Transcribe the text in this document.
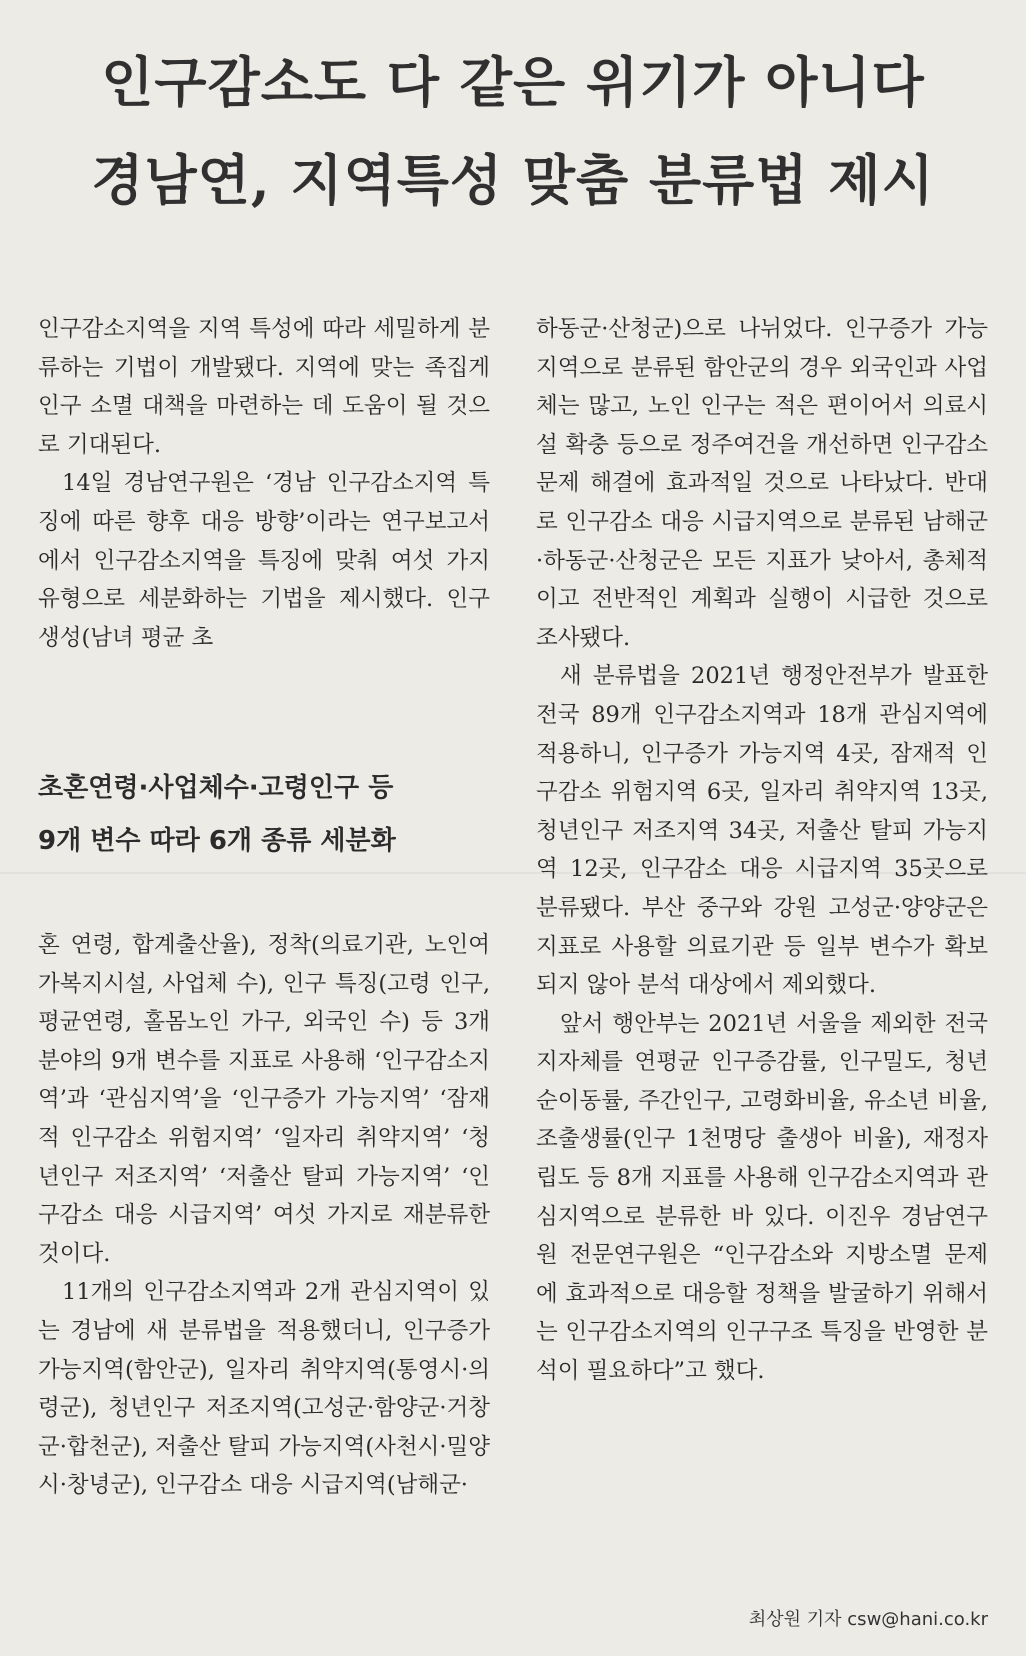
인구감소도 다 같은 위기가 아니다
경남연, 지역특성 맞춤 분류법 제시

인구감소지역을 지역 특성에 따라 세밀하게 분류하는 기법이 개발됐다. 지역에 맞는 족집게 인구 소멸 대책을 마련하는 데 도움이 될 것으로 기대된다.

14일 경남연구원은 ‘경남 인구감소지역 특징에 따른 향후 대응 방향’이라는 연구보고서에서 인구감소지역을 특징에 맞춰 여섯 가지 유형으로 세분화하는 기법을 제시했다. 인구 생성(남녀 평균 초

초혼연령·사업체수·고령인구 등
9개 변수 따라 6개 종류 세분화

혼 연령, 합계출산율), 정착(의료기관, 노인여가복지시설, 사업체 수), 인구 특징(고령 인구, 평균연령, 홀몸노인 가구, 외국인 수) 등 3개 분야의 9개 변수를 지표로 사용해 ‘인구감소지역’과 ‘관심지역’을 ‘인구증가 가능지역’ ‘잠재적 인구감소 위험지역’ ‘일자리 취약지역’ ‘청년인구 저조지역’ ‘저출산 탈피 가능지역’ ‘인구감소 대응 시급지역’ 여섯 가지로 재분류한 것이다.

11개의 인구감소지역과 2개 관심지역이 있는 경남에 새 분류법을 적용했더니, 인구증가 가능지역(함안군), 일자리 취약지역(통영시·의령군), 청년인구 저조지역(고성군·함양군·거창군·합천군), 저출산 탈피 가능지역(사천시·밀양시·창녕군), 인구감소 대응 시급지역(남해군·

하동군·산청군)으로 나뉘었다. 인구증가 가능지역으로 분류된 함안군의 경우 외국인과 사업체는 많고, 노인 인구는 적은 편이어서 의료시설 확충 등으로 정주여건을 개선하면 인구감소 문제 해결에 효과적일 것으로 나타났다. 반대로 인구감소 대응 시급지역으로 분류된 남해군·하동군·산청군은 모든 지표가 낮아서, 총체적이고 전반적인 계획과 실행이 시급한 것으로 조사됐다.

새 분류법을 2021년 행정안전부가 발표한 전국 89개 인구감소지역과 18개 관심지역에 적용하니, 인구증가 가능지역 4곳, 잠재적 인구감소 위험지역 6곳, 일자리 취약지역 13곳, 청년인구 저조지역 34곳, 저출산 탈피 가능지역 12곳, 인구감소 대응 시급지역 35곳으로 분류됐다. 부산 중구와 강원 고성군·양양군은 지표로 사용할 의료기관 등 일부 변수가 확보되지 않아 분석 대상에서 제외했다.

앞서 행안부는 2021년 서울을 제외한 전국 지자체를 연평균 인구증감률, 인구밀도, 청년 순이동률, 주간인구, 고령화비율, 유소년 비율, 조출생률(인구 1천명당 출생아 비율), 재정자립도 등 8개 지표를 사용해 인구감소지역과 관심지역으로 분류한 바 있다. 이진우 경남연구원 전문연구원은 “인구감소와 지방소멸 문제에 효과적으로 대응할 정책을 발굴하기 위해서는 인구감소지역의 인구구조 특징을 반영한 분석이 필요하다”고 했다.

최상원 기자 csw@hani.co.kr
